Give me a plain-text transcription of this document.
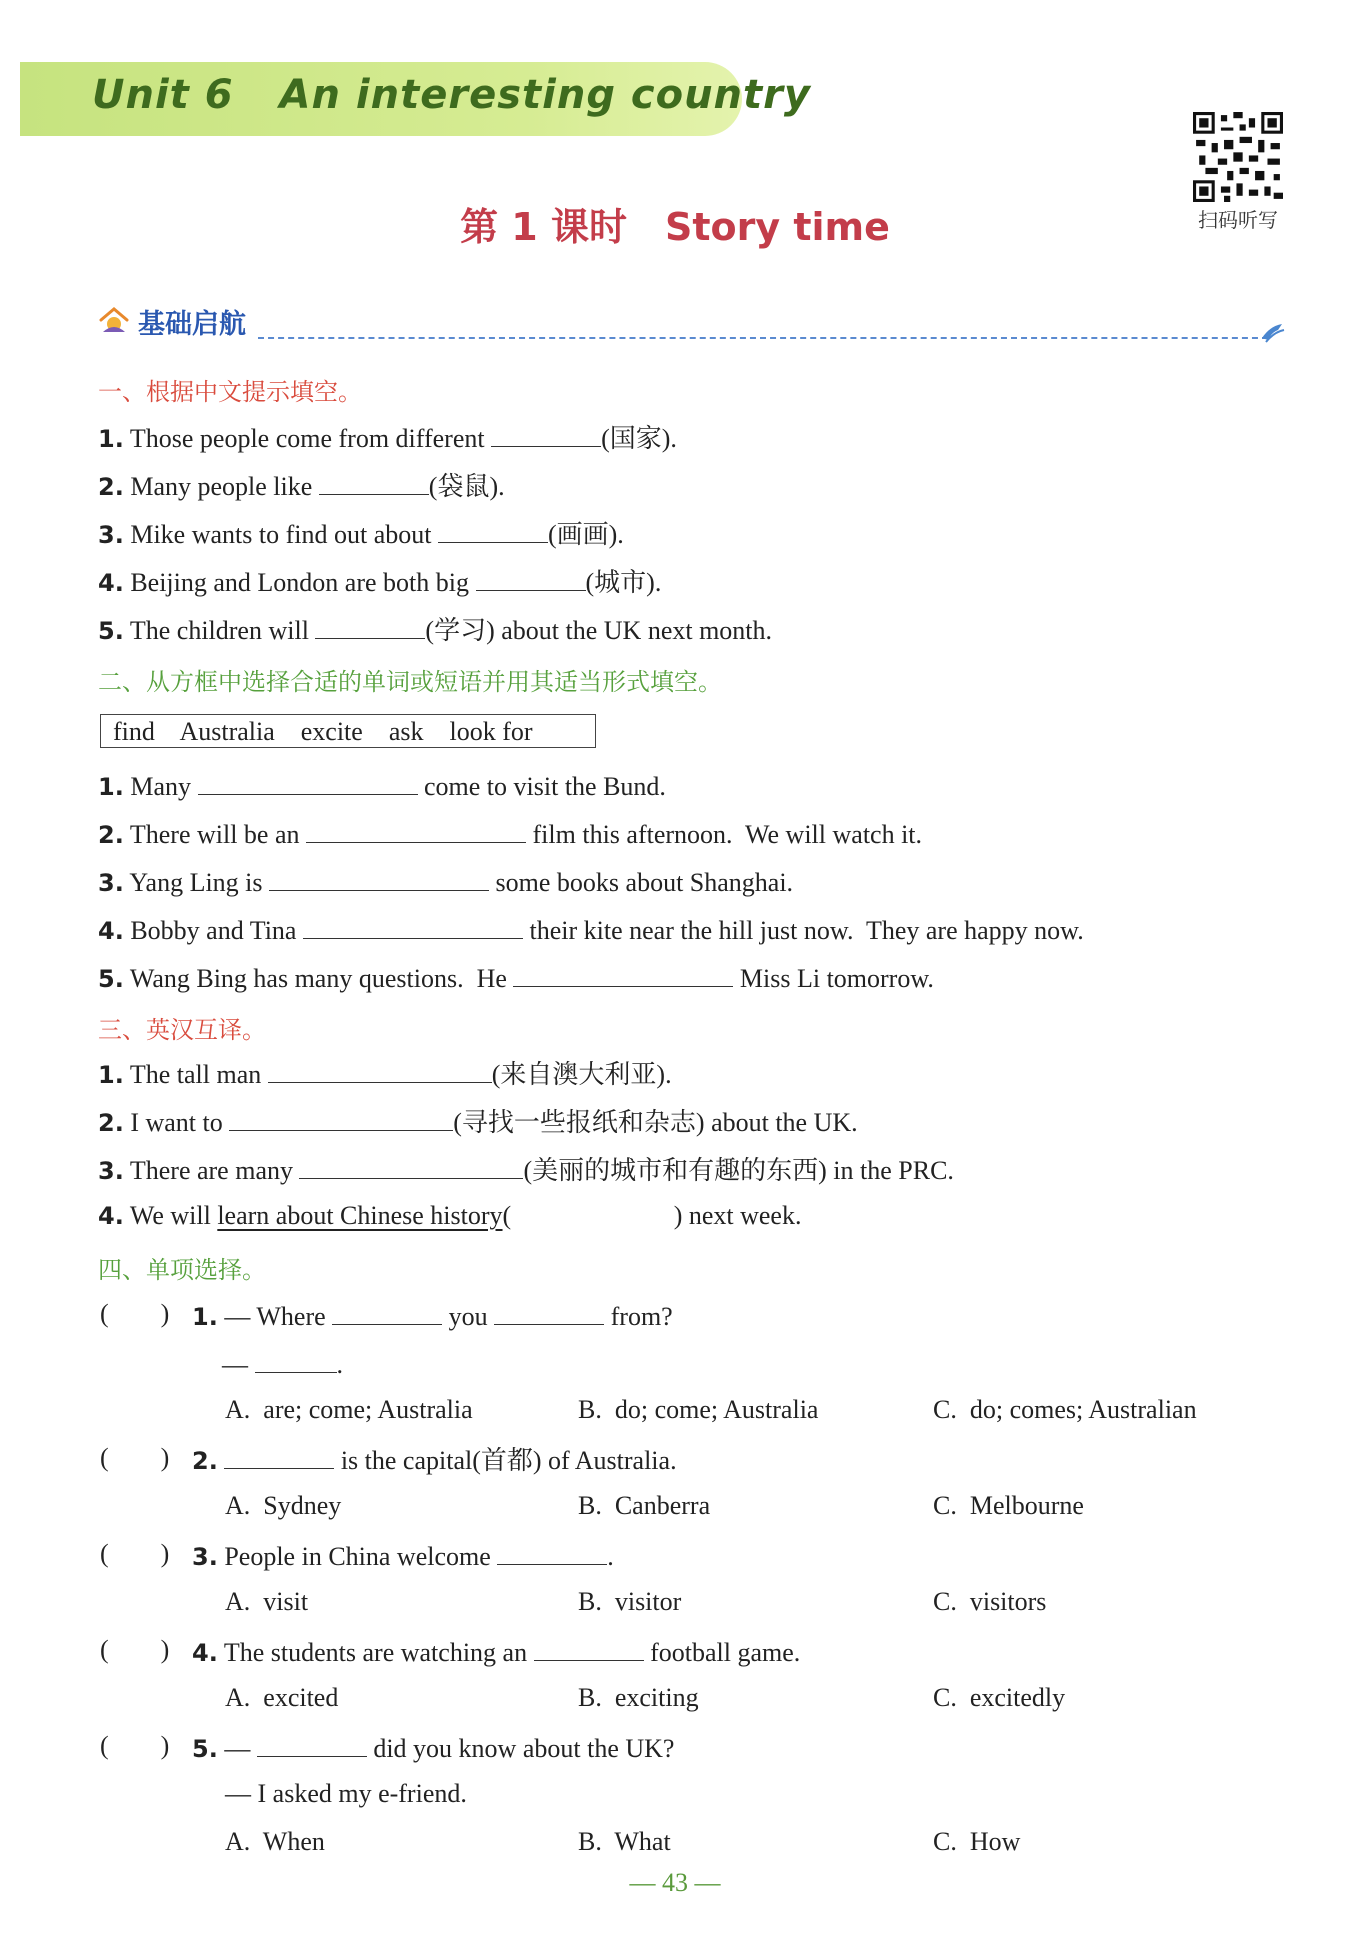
Unit 6 An interesting country
扫码听写
第 1 课时　Story time
基础启航
一、根据中文提示填空。
1. Those people come from different	(国家).
2. Many people like	(袋鼠).
3. Mike wants to find out about	(画画).
4. Beijing and London are both big	(城市).
5. The children will	(学习) about the UK next month.
二、从方框中选择合适的单词或短语并用其适当形式填空。
find    Australia    excite    ask    look for
1. Many	come to visit the Bund.
2. There will be an	film this afternoon.  We will watch it.
3. Yang Ling is	some books about Shanghai.
4. Bobby and Tina	their kite near the hill just now.  They are happy now.
5. Wang Bing has many questions.  He	Miss Li tomorrow.
三、英汉互译。
1. The tall man	(来自澳大利亚).
2. I want to	(寻找一些报纸和杂志) about the UK.
3. There are many	(美丽的城市和有趣的东西) in the PRC.
4. We will learn about Chinese history(                         ) next week.
四、单项选择。
(        ) 1. — Where	you	from?
—	.
A.  are; come; Australia	B.  do; come; Australia	C.  do; comes; Australian
(        ) 2.	is the capital(首都) of Australia.
A.  Sydney	B.  Canberra	C.  Melbourne
(        ) 3. People in China welcome	.
A.  visit	B.  visitor	C.  visitors
(        ) 4. The students are watching an	football game.
A.  excited	B.  exciting	C.  excitedly
(        ) 5. —	did you know about the UK?
— I asked my e-friend.
A.  When	B.  What	C.  How
— 43 —
